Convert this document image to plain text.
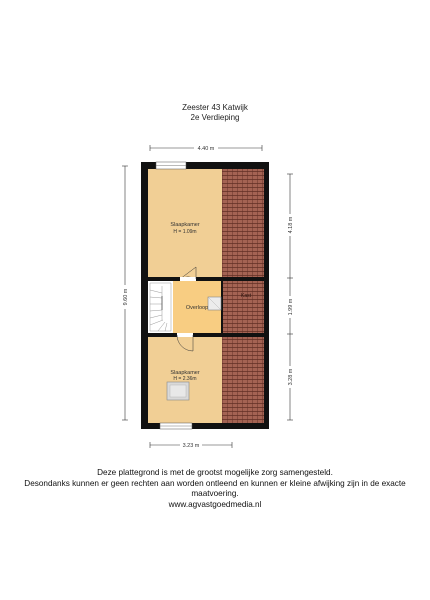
Zeester 43 Katwijk
2e Verdieping
4.40 m
9.60 m
4.18 m
1.99 m
3.28 m
Slaapkamer
H = 1.09m
Overloop
Kast
Slaapkamer
H = 2.36m
3.23 m
Deze plattegrond is met de grootst mogelijke zorg samengesteld.
Desondanks kunnen er geen rechten aan worden ontleend en kunnen er kleine afwijking zijn in de exacte maatvoering.
www.agvastgoedmedia.nl
